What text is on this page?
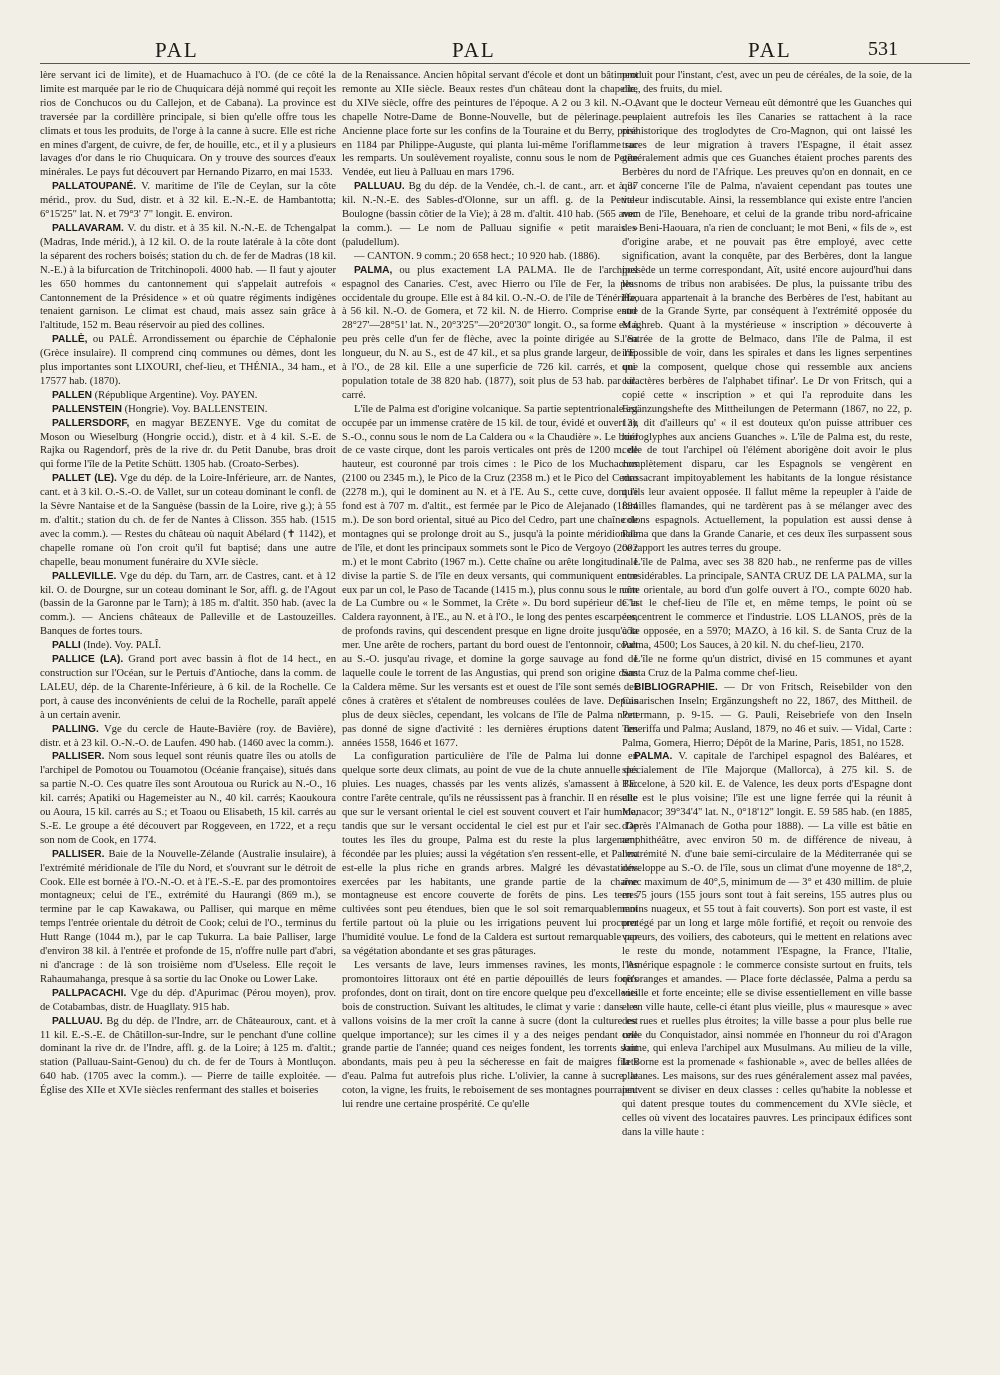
PAL	PAL	PAL	531

lère servant ici de limite), et de Huamachuco à l'O. (de ce côté la limite est marquée par le rio de Chuquicara déjà nommé qui reçoit les rios de Conchucos ou du Callejon, et de Cabana). La province est traversée par la cordillère principale, si bien qu'elle offre tous les climats et tous les produits, de l'orge à la canne à sucre. Elle est riche en mines d'argent, de cuivre, de fer, de houille, etc., et il y a plusieurs lavages d'or dans le rio Chuquicara. On y trouve des sources d'eaux minérales. Le pays fut découvert par Hernando Pizarro, en mai 1533.

PALLATOUPANÉ. V. maritime de l'île de Ceylan, sur la côte mérid., prov. du Sud, distr. et à 32 kil. E.-N.-E. de Hambantotta; 6°15'25" lat. N. et 79°3' 7" longit. E. environ.

PALLAVARAM. V. du distr. et à 35 kil. N.-N.-E. de Tchengalpat (Madras, Inde mérid.), à 12 kil. O. de la route latérale à la côte dont la séparent des rochers boisés; station du ch. de fer de Madras (18 kil. N.-E.) à la bifurcation de Tritchinopoli. 4000 hab. — Il faut y ajouter les 650 hommes du cantonnement qui s'appelait autrefois « Cantonnement de la Présidence » et où quatre régiments indigènes tenaient garnison. Le climat est chaud, mais assez sain grâce à l'altitude, 152 m. Beau réservoir au pied des collines.

PALLÈ, ou PALÈ. Arrondissement ou éparchie de Céphalonie (Grèce insulaire). Il comprend cinq communes ou dèmes, dont les plus importantes sont LIXOURI, chef-lieu, et THÉNIA., 34 ham., et 17577 hab. (1870).

PALLEN (République Argentine). Voy. PAYEN.

PALLENSTEIN (Hongrie). Voy. BALLENSTEIN.

PALLERSDORF, en magyar BEZENYE. Vge du comitat de Moson ou Wieselburg (Hongrie occid.), distr. et à 4 kil. S.-E. de Rajka ou Ragendorf, près de la rive dr. du Petit Danube, bras droit qui forme l'île de la Petite Schütt. 1305 hab. (Croato-Serbes).

PALLET (LE). Vge du dép. de la Loire-Inférieure, arr. de Nantes, cant. et à 3 kil. O.-S.-O. de Vallet, sur un coteau dominant le confl. de la Sèvre Nantaise et de la Sanguèse (bassin de la Loire, rive g.); à 55 m. d'altit.; station du ch. de fer de Nantes à Clisson. 355 hab. (1515 avec la comm.). — Restes du château où naquit Abélard (✝ 1142), et chapelle romane où l'on croit qu'il fut baptisé; dans une autre chapelle, beau monument funéraire du XVIe siècle.

PALLEVILLE. Vge du dép. du Tarn, arr. de Castres, cant. et à 12 kil. O. de Dourgne, sur un coteau dominant le Sor, affl. g. de l'Agout (bassin de la Garonne par le Tarn); à 185 m. d'altit. 350 hab. (avec la comm.). — Anciens châteaux de Palleville et de Lastouzeilles. Banques de fortes tours.

PALLI (Inde). Voy. PALÎ.

PALLICE (LA). Grand port avec bassin à flot de 14 hect., en construction sur l'Océan, sur le Pertuis d'Antioche, dans la comm. de LALEU, dép. de la Charente-Inférieure, à 6 kil. de la Rochelle. Ce port, à cause des inconvénients de celui de la Rochelle, paraît appelé à un certain avenir.

PALLING. Vge du cercle de Haute-Bavière (roy. de Bavière), distr. et à 23 kil. O.-N.-O. de Laufen. 490 hab. (1460 avec la comm.).

PALLISER. Nom sous lequel sont réunis quatre îles ou atolls de l'archipel de Pomotou ou Touamotou (Océanie française), situés dans sa partie N.-O. Ces quatre îles sont Aroutoua ou Rurick au N.-O., 16 kil. carrés; Apatiki ou Hagemeister au N., 40 kil. carrés; Kaoukoura ou Aoura, 15 kil. carrés au S.; et Toaou ou Elisabeth, 15 kil. carrés au S.-E. Le groupe a été découvert par Roggeveen, en 1722, et a reçu son nom de Cook, en 1774.

PALLISER. Baie de la Nouvelle-Zélande (Australie insulaire), à l'extrémité méridionale de l'île du Nord, et s'ouvrant sur le détroit de Cook. Elle est bornée à l'O.-N.-O. et à l'E.-S.-E. par des promontoires montagneux; celui de l'E., extrémité du Haurangi (869 m.), se termine par le cap Kawakawa, ou Palliser, qui marque en même temps l'entrée orientale du détroit de Cook; celui de l'O., terminus du Hutt Range (1044 m.), par le cap Tukurra. La baie Palliser, large d'environ 38 kil. à l'entrée et profonde de 15, n'offre nulle part d'abri, ni d'ancrage : de là son troisième nom d'Useless. Elle reçoit le Rahaumahanga, presque à sa sortie du lac Onoke ou Lower Lake.

PALLPACACHI. Vge du dép. d'Apurimac (Pérou moyen), prov. de Cotabambas, distr. de Huagllaty. 915 hab.

PALLUAU. Bg du dép. de l'Indre, arr. de Châteauroux, cant. et à 11 kil. E.-S.-E. de Châtillon-sur-Indre, sur le penchant d'une colline dominant la rive dr. de l'Indre, affl. g. de la Loire; à 125 m. d'altit.; station (Palluau-Saint-Genou) du ch. de fer de Tours à Montluçon. 640 hab. (1705 avec la comm.). — Pierre de taille exploitée. — Église des XIIe et XVIe siècles renfermant des stalles et boiseries

de la Renaissance. Ancien hôpital servant d'école et dont un bâtiment remonte au XIIe siècle. Beaux restes d'un château dont la chapelle, du XIVe siècle, offre des peintures de l'époque. A 2 ou 3 kil. N.-O., chapelle Notre-Dame de Bonne-Nouvelle, but de pèlerinage. — Ancienne place forte sur les confins de la Touraine et du Berry, prise en 1184 par Philippe-Auguste, qui planta lui-même l'oriflamme sur les remparts. Un soulèvement royaliste, connu sous le nom de Petite Vendée, eut lieu à Palluau en mars 1796.

PALLUAU. Bg du dép. de la Vendée, ch.-l. de cant., arr. et à 37 kil. N.-N.-E. des Sables-d'Olonne, sur un affl. g. de la Petite-Boulogne (bassin côtier de la Vie); à 28 m. d'altit. 410 hab. (565 avec la comm.). — Le nom de Palluau signifie « petit marais » (paludellum).

— CANTON. 9 comm.; 20 658 hect.; 10 920 hab. (1886).

PALMA, ou plus exactement LA PALMA. Ile de l'archipel espagnol des Canaries. C'est, avec Hierro ou l'île de Fer, la plus occidentale du groupe. Elle est à 84 kil. O.-N.-O. de l'île de Ténériffe, à 56 kil. N.-O. de Gomera, et 72 kil. N. de Hierro. Comprise entre 28°27'—28°51' lat. N., 20°3'25"—20°20'30" longit. O., sa forme est à peu près celle d'un fer de flèche, avec la pointe dirigée au S. Sa longueur, du N. au S., est de 47 kil., et sa plus grande largeur, de l'E. à l'O., de 28 kil. Elle a une superficie de 726 kil. carrés, et une population totale de 38 820 hab. (1877), soit plus de 53 hab. par kil. carré.

L'île de Palma est d'origine volcanique. Sa partie septentrionale est occupée par un immense cratère de 15 kil. de tour, évidé et ouvert au S.-O., connu sous le nom de La Caldera ou « la Chaudière ». Le bord de ce vaste cirque, dont les parois verticales ont près de 1200 m. de hauteur, est couronné par trois cimes : le Pico de los Muchachos (2100 ou 2345 m.), le Pico de la Cruz (2358 m.) et le Pico del Cedro (2278 m.), qui le dominent au N. et à l'E. Au S., cette cuve, dont le fond est à 707 m. d'altit., est fermée par le Pico de Alejanado (1894 m.). De son bord oriental, situé au Pico del Cedro, part une chaîne de montagnes qui se prolonge droit au S., jusqu'à la pointe méridionale de l'île, et dont les principaux sommets sont le Pico de Vergoyo (2002 m.) et le mont Cabrito (1967 m.). Cette chaîne ou arête longitudinale divise la partie S. de l'île en deux versants, qui communiquent entre eux par un col, le Paso de Tacande (1415 m.), plus connu sous le nom de La Cumbre ou « le Sommet, la Crête ». Du bord supérieur de la Caldera rayonnent, à l'E., au N. et à l'O., le long des pentes escarpées, de profonds ravins, qui descendent presque en ligne droite jusqu'à la mer. Une arête de rochers, partant du bord ouest de l'entonnoir, court au S.-O. jusqu'au rivage, et domine la gorge sauvage au fond de laquelle coule le torrent de las Angustias, qui prend son origine dans la Caldera même. Sur les versants est et ouest de l'île sont semés des cônes à cratères et s'étalent de nombreuses coulées de lave. Depuis plus de deux siècles, cependant, les volcans de l'île de Palma n'ont pas donné de signe d'activité : les dernières éruptions datent des années 1558, 1646 et 1677.

La configuration particulière de l'île de Palma lui donne en quelque sorte deux climats, au point de vue de la chute annuelle des pluies. Les nuages, chassés par les vents alizés, s'amassent à l'E. contre l'arête centrale, qu'ils ne réussissent pas à franchir. Il en résulte que sur le versant oriental le ciel est souvent couvert et l'air humide, tandis que sur le versant occidental le ciel est pur et l'air sec. De toutes les îles du groupe, Palma est du reste la plus largement fécondée par les pluies; aussi la végétation s'en ressent-elle, et Palma est-elle la plus riche en grands arbres. Malgré les dévastations exercées par les habitants, une grande partie de la chaîne montagneuse est encore couverte de forêts de pins. Les terres cultivées sont peu étendues, bien que le sol soit remarquablement fertile partout où la pluie ou les irrigations peuvent lui procurer l'humidité voulue. Le fond de la Caldera est surtout remarquable par sa végétation abondante et ses gras pâturages.

Les versants de lave, leurs immenses ravines, les monts, les promontoires littoraux ont été en partie dépouillés de leurs forêts profondes, dont on tirait, dont on tire encore quelque peu d'excellents bois de construction. Suivant les altitudes, le climat y varie : dans les vallons voisins de la mer croît la canne à sucre (dont la culture est quelque importance); sur les cimes il y a des neiges pendant une grande partie de l'année; quand ces neiges fondent, les torrents sont abondants, mais peu à peu la sécheresse en fait de maigres filets d'eau. Palma fut autrefois plus riche. L'olivier, la canne à sucre, le coton, la vigne, les fruits, le reboisement de ses montagnes pourraient lui rendre une certaine prospérité. Ce qu'elle

produit pour l'instant, c'est, avec un peu de céréales, de la soie, de la cire, des fruits, du miel.

Avant que le docteur Verneau eût démontré que les Guanches qui peuplaient autrefois les îles Canaries se rattachent à la race préhistorique des troglodytes de Cro-Magnon, qui ont laissé les traces de leur migration à travers l'Espagne, il était assez généralement admis que ces Guanches étaient proches parents des Berbères du nord de l'Afrique. Les preuves qu'on en donnait, en ce qui concerne l'île de Palma, n'avaient cependant pas toutes une valeur indiscutable. Ainsi, la ressemblance qui existe entre l'ancien nom de l'île, Benehoare, et celui de la grande tribu nord-africaine des Beni-Haouara, n'a rien de concluant; le mot Beni, « fils de », est d'origine arabe, et ne pouvait pas être employé, avec cette signification, avant la conquête, par des Berbères, dont la langue possède un terme correspondant, Aït, usité encore aujourd'hui dans les noms de tribus non arabisées. De plus, la puissante tribu des Haouara appartenait à la branche des Berbères de l'est, habitant au sud de la Grande Syrte, par conséquent à l'extrémité opposée du Maghreb. Quant à la mystérieuse « inscription » découverte à l'entrée de la grotte de Belmaco, dans l'île de Palma, il est impossible de voir, dans les spirales et dans les lignes serpentines qui la composent, quelque chose qui ressemble aux anciens caractères berbères de l'alphabet tifinar'. Le Dr von Fritsch, qui a copié cette « inscription » et qui l'a reproduite dans les Ergänzungshefte des Mittheilungen de Petermann (1867, no 22, p. 13), dit d'ailleurs qu' « il est douteux qu'on puisse attribuer ces hiéroglyphes aux anciens Guanches ». L'île de Palma est, du reste, celle de tout l'archipel où l'élément aborigène doit avoir le plus complètement disparu, car les Espagnols se vengèrent en massacrant impitoyablement les habitants de la longue résistance qu'ils leur avaient opposée. Il fallut même la repeupler à l'aide de familles flamandes, qui ne tardèrent pas à se mélanger avec des colons espagnols. Actuellement, la population est aussi dense à Palma que dans la Grande Canarie, et ces deux îles surpassent sous ce rapport les autres terres du groupe.

L'île de Palma, avec ses 38 820 hab., ne renferme pas de villes considérables. La principale, SANTA CRUZ DE LA PALMA, sur la côte orientale, au bord d'un golfe ouvert à l'O., compte 6020 hab. C'est le chef-lieu de l'île et, en même temps, le point où se concentrent le commerce et l'industrie. LOS LLANOS, près de la côte opposée, en a 5970; MAZO, à 16 kil. S. de Santa Cruz de la Palma, 4500; Los Sauces, à 20 kil. N. du chef-lieu, 2170.

L'île ne forme qu'un district, divisé en 15 communes et ayant Santa Cruz de la Palma comme chef-lieu.

BIBLIOGRAPHIE. — Dr von Fritsch, Reisebilder von den Canarischen Inseln; Ergänzungsheft no 22, 1867, des Mittheil. de Petermann, p. 9-15. — G. Pauli, Reisebriefe von den Inseln Teneriffa und Palma; Ausland, 1879, no 46 et suiv. — Vidal, Carte : Palma, Gomera, Hierro; Dépôt de la Marine, Paris, 1851, no 1528.

PALMA. V. capitale de l'archipel espagnol des Baléares, et spécialement de l'île Majorque (Mallorca), à 275 kil. S. de Barcelone, à 520 kil. E. de Valence, les deux ports d'Espagne dont elle est le plus voisine; l'île est une ligne ferrée qui la réunit à Manacor; 39°34'4" lat. N., 0°18'12" longit. E. 59 585 hab. (en 1885, d'après l'Almanach de Gotha pour 1888). — La ville est bâtie en amphithéâtre, avec environ 50 m. de différence de niveau, à l'extrémité N. d'une baie semi-circulaire de la Méditerranée qui se développe au S.-O. de l'île, sous un climat d'une moyenne de 18°,2, avec maximum de 40°,5, minimum de — 3° et 430 millim. de pluie en 75 jours (155 jours sont tout à fait sereins, 155 autres plus ou moins nuageux, et 55 tout à fait couverts). Son port est vaste, il est protégé par un long et large môle fortifié, et reçoit ou renvoie des vapeurs, des voiliers, des caboteurs, qui le mettent en relations avec le reste du monde, notamment l'Espagne, la France, l'Italie, l'Amérique espagnole : le commerce consiste surtout en fruits, tels qu'oranges et amandes. — Place forte déclassée, Palma a perdu sa vieille et forte enceinte; elle se divise essentiellement en ville basse et en ville haute, celle-ci étant plus vieille, plus « mauresque » avec des rues et ruelles plus étroites; la ville basse a pour plus belle rue celle du Conquistador, ainsi nommée en l'honneur du roi d'Aragon Jaime, qui enleva l'archipel aux Musulmans. Au milieu de la ville, la Borne est la promenade « fashionable », avec de belles allées de platanes. Les maisons, sur des rues généralement assez mal pavées, peuvent se diviser en deux classes : celles qu'habite la noblesse et qui datent presque toutes du commencement du XVIe siècle, et celles où vivent des locataires pauvres. Les principaux édifices sont dans la ville haute :
